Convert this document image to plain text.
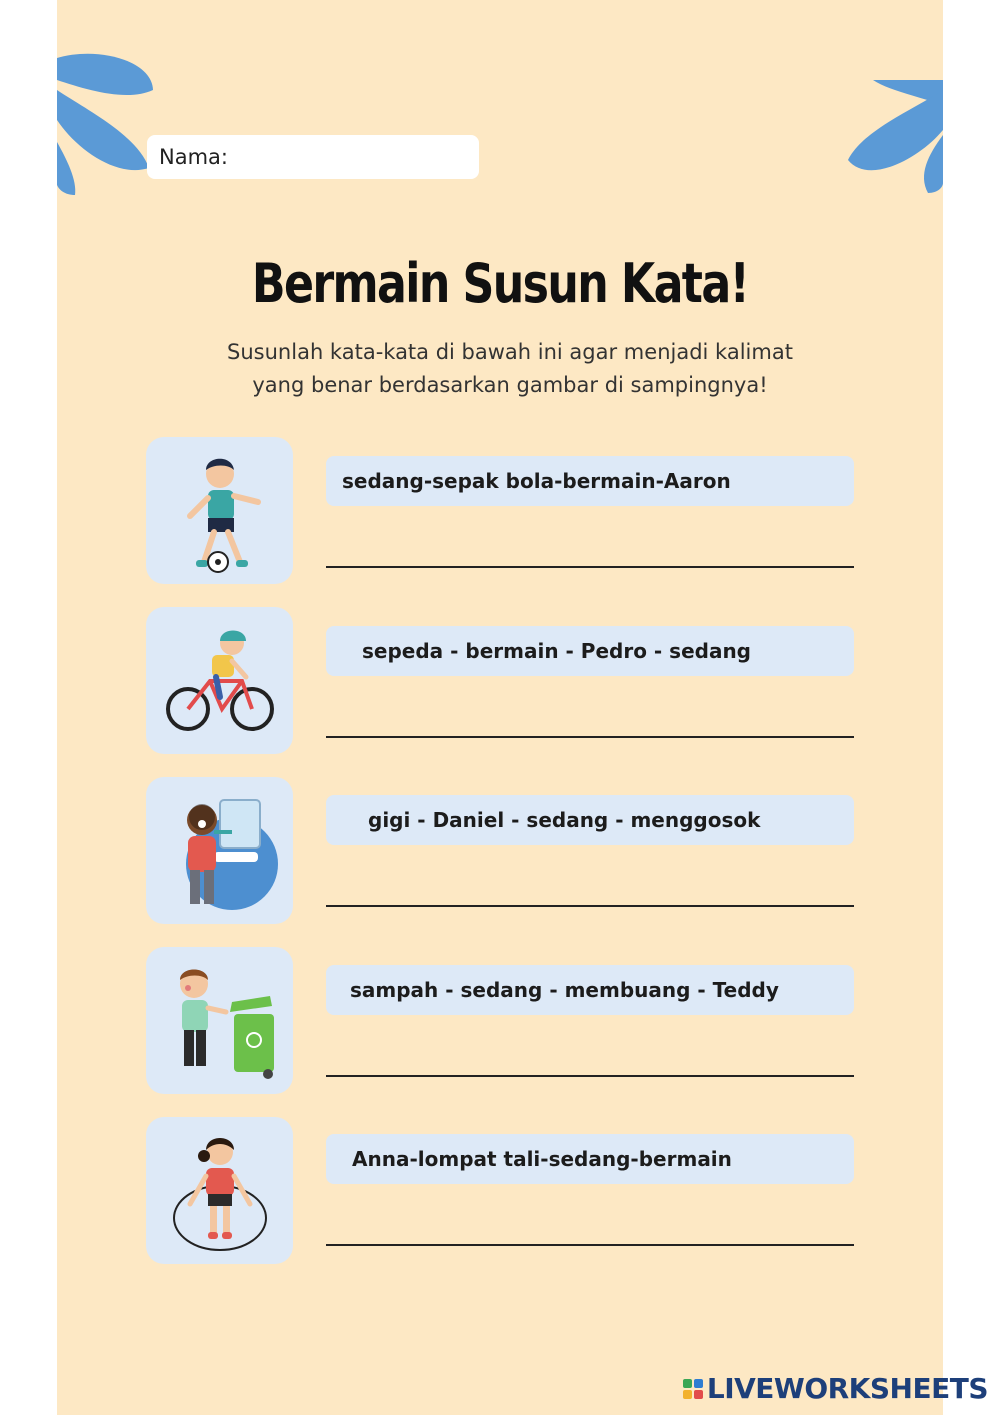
Nama:
Bermain Susun Kata!
Susunlah kata-kata di bawah ini agar menjadi kalimat
yang benar berdasarkan gambar di sampingnya!
sedang-sepak bola-bermain-Aaron
sepeda - bermain - Pedro - sedang
gigi - Daniel - sedang - menggosok
sampah - sedang - membuang - Teddy
Anna-lompat tali-sedang-bermain
LIVEWORKSHEETS
